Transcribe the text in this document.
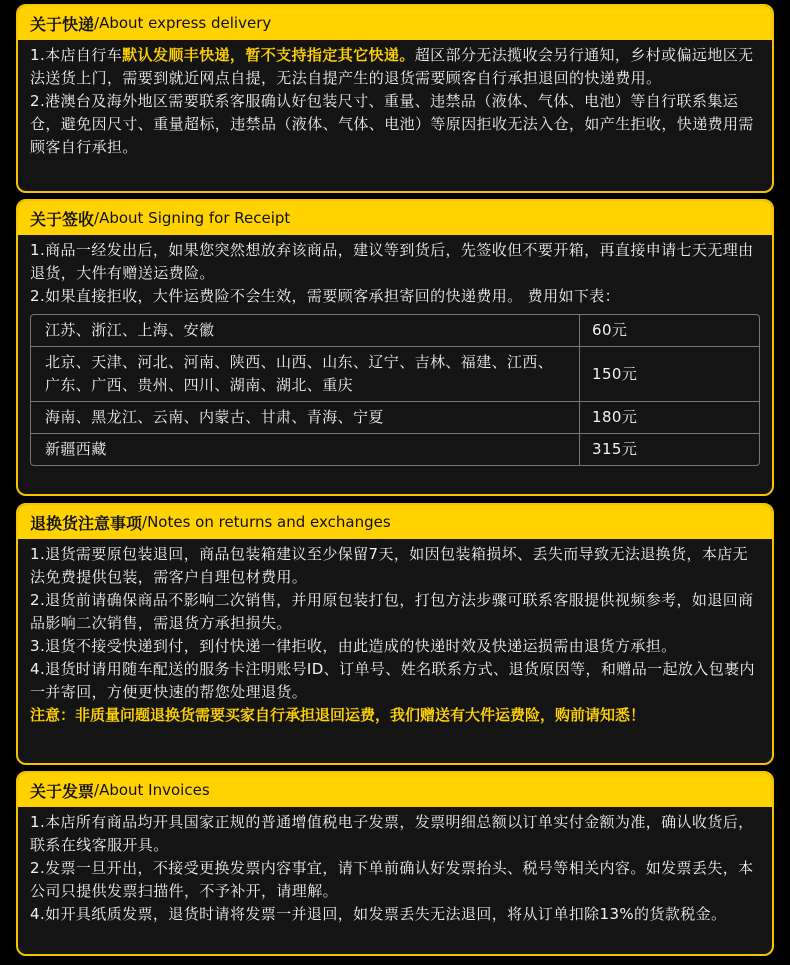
关于快递 /About express delivery

1.本店自行车默认发顺丰快递，暂不支持指定其它快递。超区部分无法揽收会另行通知，乡村或偏远地区无法送货上门，需要到就近网点自提，无法自提产生的退货需要顾客自行承担退回的快递费用。

2.港澳台及海外地区需要联系客服确认好包装尺寸、重量、违禁品（液体、气体、电池）等自行联系集运仓，避免因尺寸、重量超标，违禁品（液体、气体、电池）等原因拒收无法入仓，如产生拒收，快递费用需顾客自行承担。

关于签收 /About Signing for Receipt

1.商品一经发出后，如果您突然想放弃该商品，建议等到货后，先签收但不要开箱，再直接申请七天无理由退货，大件有赠送运费险。

2.如果直接拒收，大件运费险不会生效，需要顾客承担寄回的快递费用。 费用如下表：

江苏、浙江、上海、安徽	60元
北京、天津、河北、河南、陕西、山西、山东、辽宁、吉林、福建、江西、广东、广西、贵州、四川、湖南、湖北、重庆	150元
海南、黑龙江、云南、内蒙古、甘肃、青海、宁夏	180元
新疆西藏	315元
退换货注意事项 /Notes on returns and exchanges

1.退货需要原包装退回，商品包装箱建议至少保留7天，如因包装箱损坏、丢失而导致无法退换货，本店无法免费提供包装，需客户自理包材费用。

2.退货前请确保商品不影响二次销售，并用原包装打包，打包方法步骤可联系客服提供视频参考，如退回商品影响二次销售，需退货方承担损失。

3.退货不接受快递到付，到付快递一律拒收，由此造成的快递时效及快递运损需由退货方承担。

4.退货时请用随车配送的服务卡注明账号ID、订单号、姓名联系方式、退货原因等，和赠品一起放入包裹内一并寄回，方便更快速的帮您处理退货。

注意：非质量问题退换货需要买家自行承担退回运费，我们赠送有大件运费险，购前请知悉！

关于发票 /About Invoices

1.本店所有商品均开具国家正规的普通增值税电子发票，发票明细总额以订单实付金额为准，确认收货后，联系在线客服开具。

2.发票一旦开出，不接受更换发票内容事宜，请下单前确认好发票抬头、税号等相关内容。如发票丢失，本公司只提供发票扫描件，不予补开，请理解。

4.如开具纸质发票，退货时请将发票一并退回，如发票丢失无法退回，将从订单扣除13%的货款税金。
